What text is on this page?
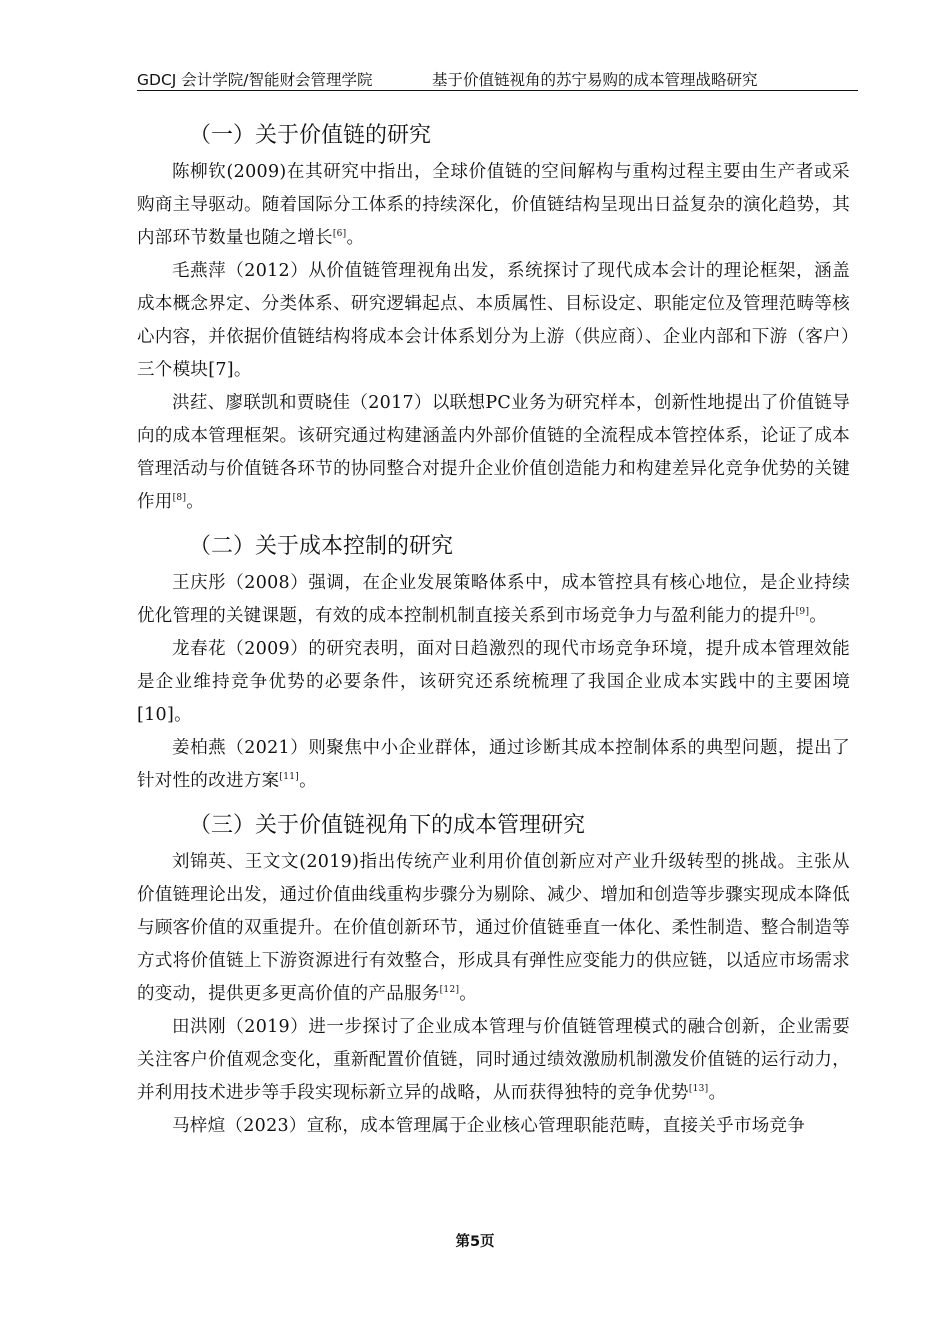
GDCJ 会计学院/智能财会管理学院	基于价值链视角的苏宁易购的成本管理战略研究
（一）关于价值链的研究

陈柳钦(2009)在其研究中指出，全球价值链的空间解构与重构过程主要由生产者或采购商主导驱动。随着国际分工体系的持续深化，价值链结构呈现出日益复杂的演化趋势，其内部环节数量也随之增长[6]。

毛燕萍（2012）从价值链管理视角出发，系统探讨了现代成本会计的理论框架，涵盖成本概念界定、分类体系、研究逻辑起点、本质属性、目标设定、职能定位及管理范畴等核心内容，并依据价值链结构将成本会计体系划分为上游（供应商）、企业内部和下游（客户）三个模块[7]。

洪荭、廖联凯和贾晓佳（2017）以联想PC业务为研究样本，创新性地提出了价值链导向的成本管理框架。该研究通过构建涵盖内外部价值链的全流程成本管控体系，论证了成本管理活动与价值链各环节的协同整合对提升企业价值创造能力和构建差异化竞争优势的关键作用[8]。

（二）关于成本控制的研究

王庆彤（2008）强调，在企业发展策略体系中，成本管控具有核心地位，是企业持续优化管理的关键课题，有效的成本控制机制直接关系到市场竞争力与盈利能力的提升[9]。

龙春花（2009）的研究表明，面对日趋激烈的现代市场竞争环境，提升成本管理效能是企业维持竞争优势的必要条件，该研究还系统梳理了我国企业成本实践中的主要困境[10]。

姜柏燕（2021）则聚焦中小企业群体，通过诊断其成本控制体系的典型问题，提出了针对性的改进方案[11]。

（三）关于价值链视角下的成本管理研究

刘锦英、王文文(2019)指出传统产业利用价值创新应对产业升级转型的挑战。主张从价值链理论出发，通过价值曲线重构步骤分为剔除、减少、增加和创造等步骤实现成本降低与顾客价值的双重提升。在价值创新环节，通过价值链垂直一体化、柔性制造、整合制造等方式将价值链上下游资源进行有效整合，形成具有弹性应变能力的供应链，以适应市场需求的变动，提供更多更高价值的产品服务[12]。

田洪刚（2019）进一步探讨了企业成本管理与价值链管理模式的融合创新，企业需要关注客户价值观念变化，重新配置价值链，同时通过绩效激励机制激发价值链的运行动力，并利用技术进步等手段实现标新立异的战略，从而获得独特的竞争优势[13]。

马梓煊（2023）宣称，成本管理属于企业核心管理职能范畴，直接关乎市场竞争

第5页
